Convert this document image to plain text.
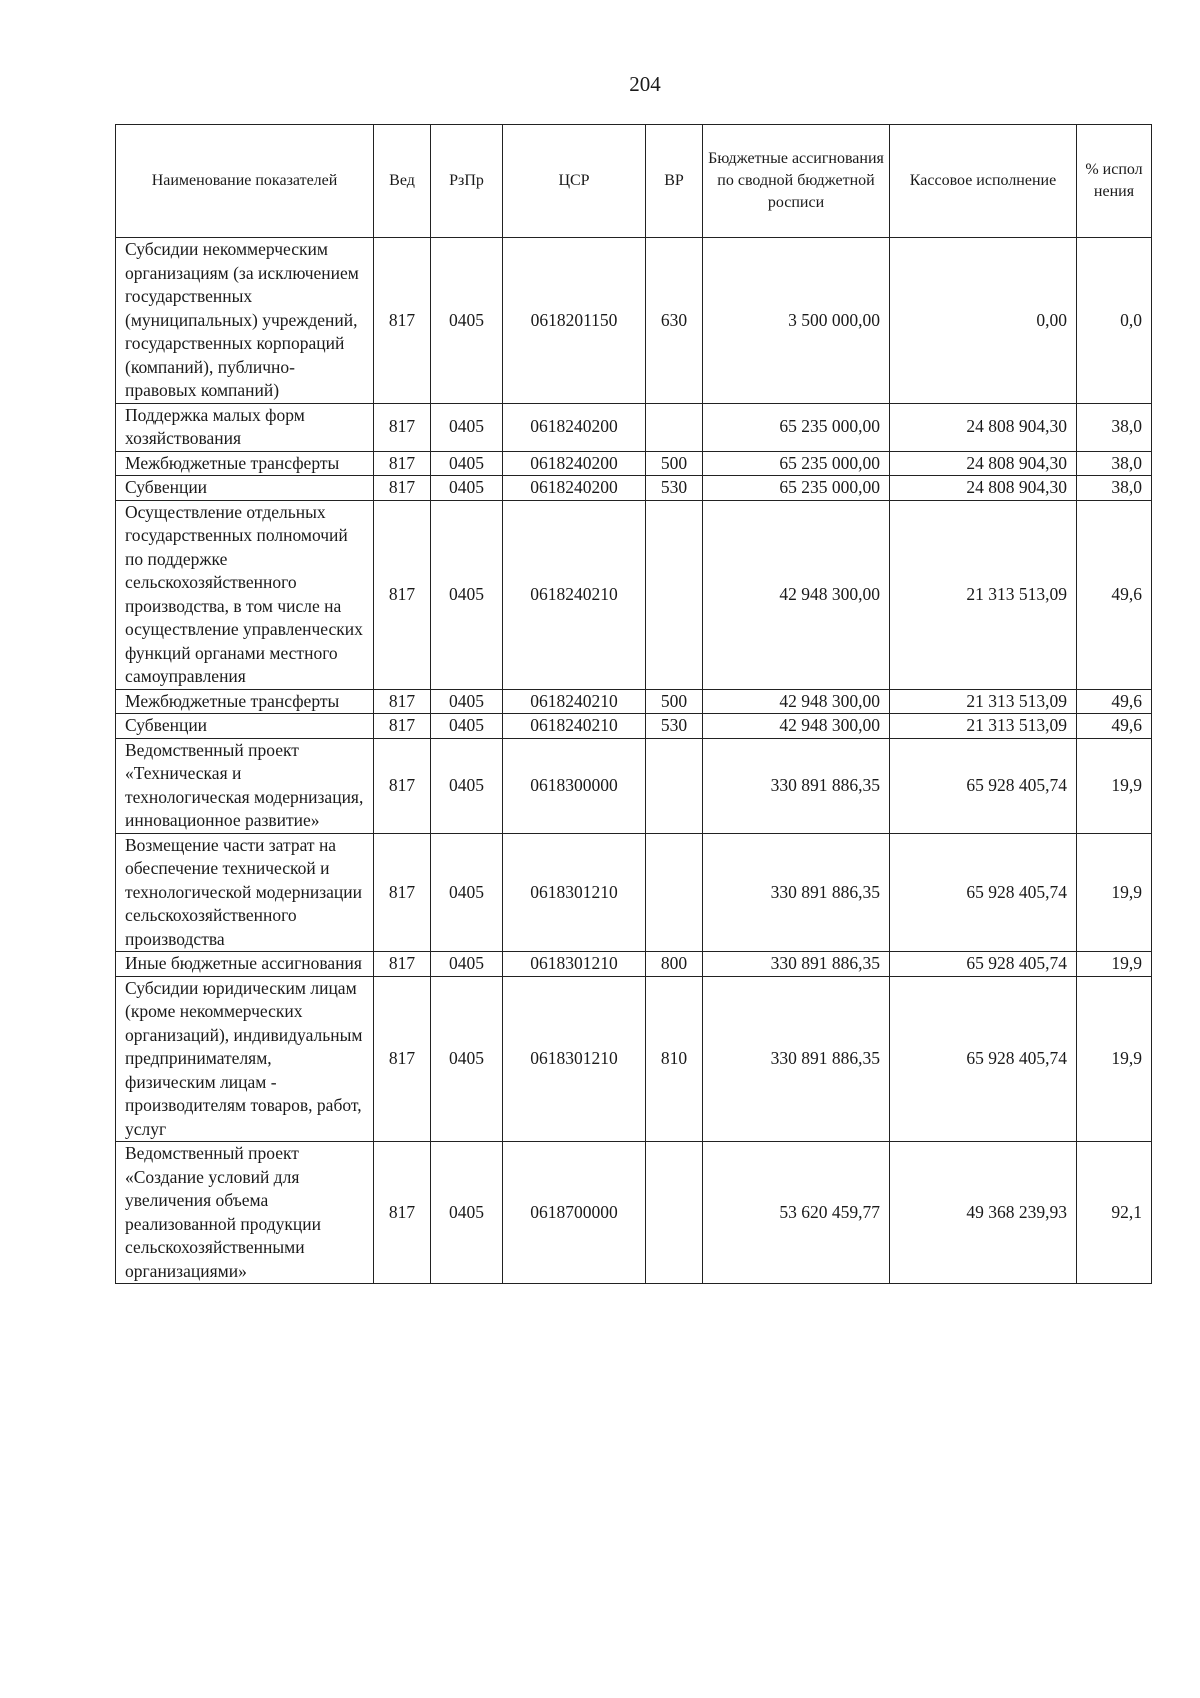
204
Наименование показателей	Вед	РзПр	ЦСР	ВР	Бюджетные ассигнования по сводной бюджетной росписи	Кассовое исполнение	% испол нения
Субсидии некоммерческим организациям (за исключением государственных (муниципальных) учреждений, государственных корпораций (компаний), публично-правовых компаний)	817	0405	0618201150	630	3 500 000,00	0,00	0,0
Поддержка малых форм хозяйствования	817	0405	0618240200		65 235 000,00	24 808 904,30	38,0
Межбюджетные трансферты	817	0405	0618240200	500	65 235 000,00	24 808 904,30	38,0
Субвенции	817	0405	0618240200	530	65 235 000,00	24 808 904,30	38,0
Осуществление отдельных государственных полномочий по поддержке сельскохозяйственного производства, в том числе на осуществление управленческих функций органами местного самоуправления	817	0405	0618240210		42 948 300,00	21 313 513,09	49,6
Межбюджетные трансферты	817	0405	0618240210	500	42 948 300,00	21 313 513,09	49,6
Субвенции	817	0405	0618240210	530	42 948 300,00	21 313 513,09	49,6
Ведомственный проект «Техническая и технологическая модернизация, инновационное развитие»	817	0405	0618300000		330 891 886,35	65 928 405,74	19,9
Возмещение части затрат на обеспечение технической и технологической модернизации сельскохозяйственного производства	817	0405	0618301210		330 891 886,35	65 928 405,74	19,9
Иные бюджетные ассигнования	817	0405	0618301210	800	330 891 886,35	65 928 405,74	19,9
Субсидии юридическим лицам (кроме некоммерческих организаций), индивидуальным предпринимателям, физическим лицам - производителям товаров, работ, услуг	817	0405	0618301210	810	330 891 886,35	65 928 405,74	19,9
Ведомственный проект «Создание условий для увеличения объема реализованной продукции сельскохозяйственными организациями»	817	0405	0618700000		53 620 459,77	49 368 239,93	92,1
